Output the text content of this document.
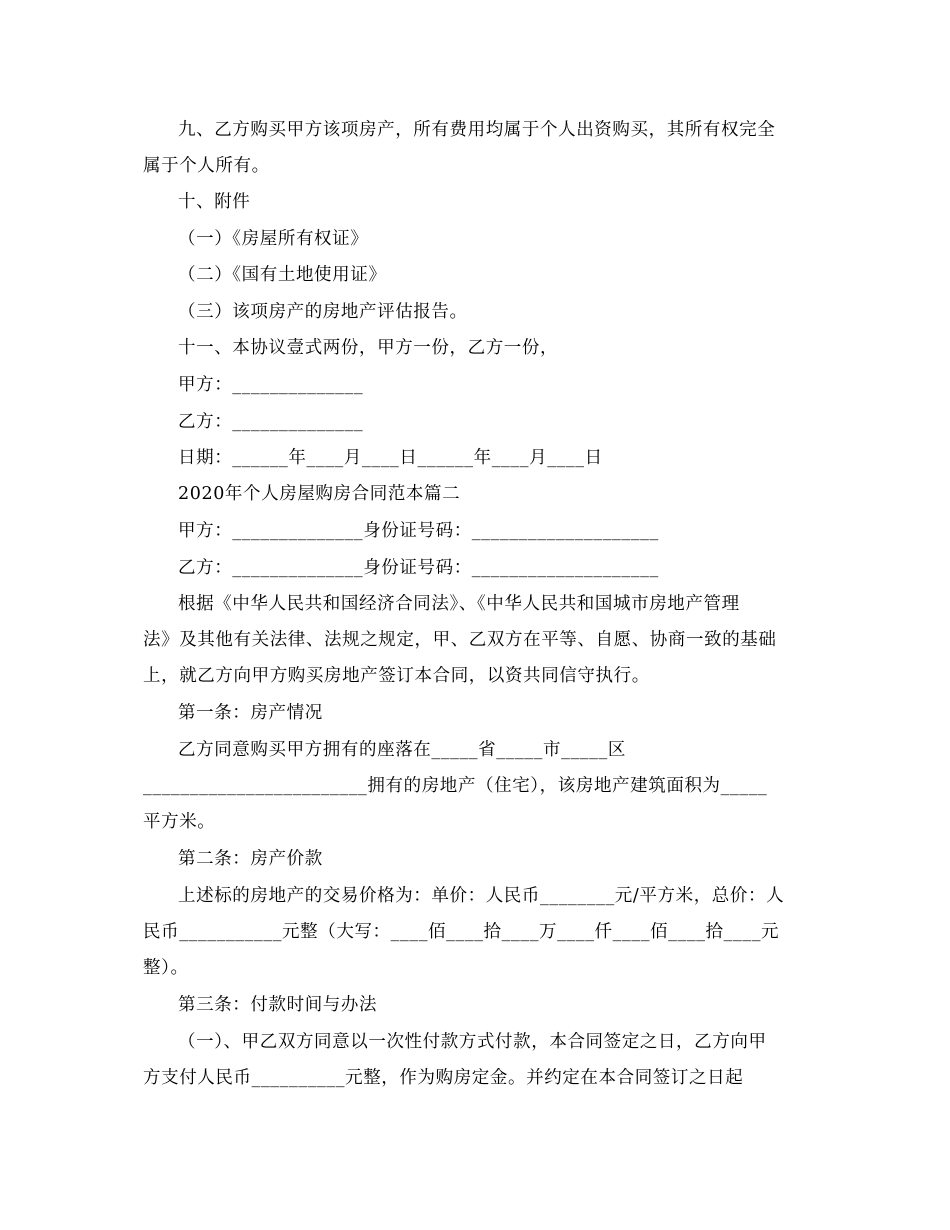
九、乙方购买甲方该项房产，所有费用均属于个人出资购买，其所有权完全
属于个人所有。
十、附件
（一）《房屋所有权证》
（二）《国有土地使用证》
（三）该项房产的房地产评估报告。
十一、本协议壹式两份，甲方一份，乙方一份，
甲方：______________
乙方：______________
日期：______年____月____日______年____月____日
2020年个人房屋购房合同范本篇二
甲方：______________身份证号码：____________________
乙方：______________身份证号码：____________________
根据《中华人民共和国经济合同法》、《中华人民共和国城市房地产管理
法》及其他有关法律、法规之规定，甲、乙双方在平等、自愿、协商一致的基础
上，就乙方向甲方购买房地产签订本合同，以资共同信守执行。
第一条：房产情况
乙方同意购买甲方拥有的座落在_____省_____市_____区
________________________拥有的房地产（住宅），该房地产建筑面积为_____
平方米。
第二条：房产价款
上述标的房地产的交易价格为：单价：人民币________元/平方米，总价：人
民币___________元整（大写：____佰____拾____万____仟____佰____拾____元
整）。
第三条：付款时间与办法
（一）、甲乙双方同意以一次性付款方式付款，本合同签定之日，乙方向甲
方支付人民币__________元整，作为购房定金。并约定在本合同签订之日起
